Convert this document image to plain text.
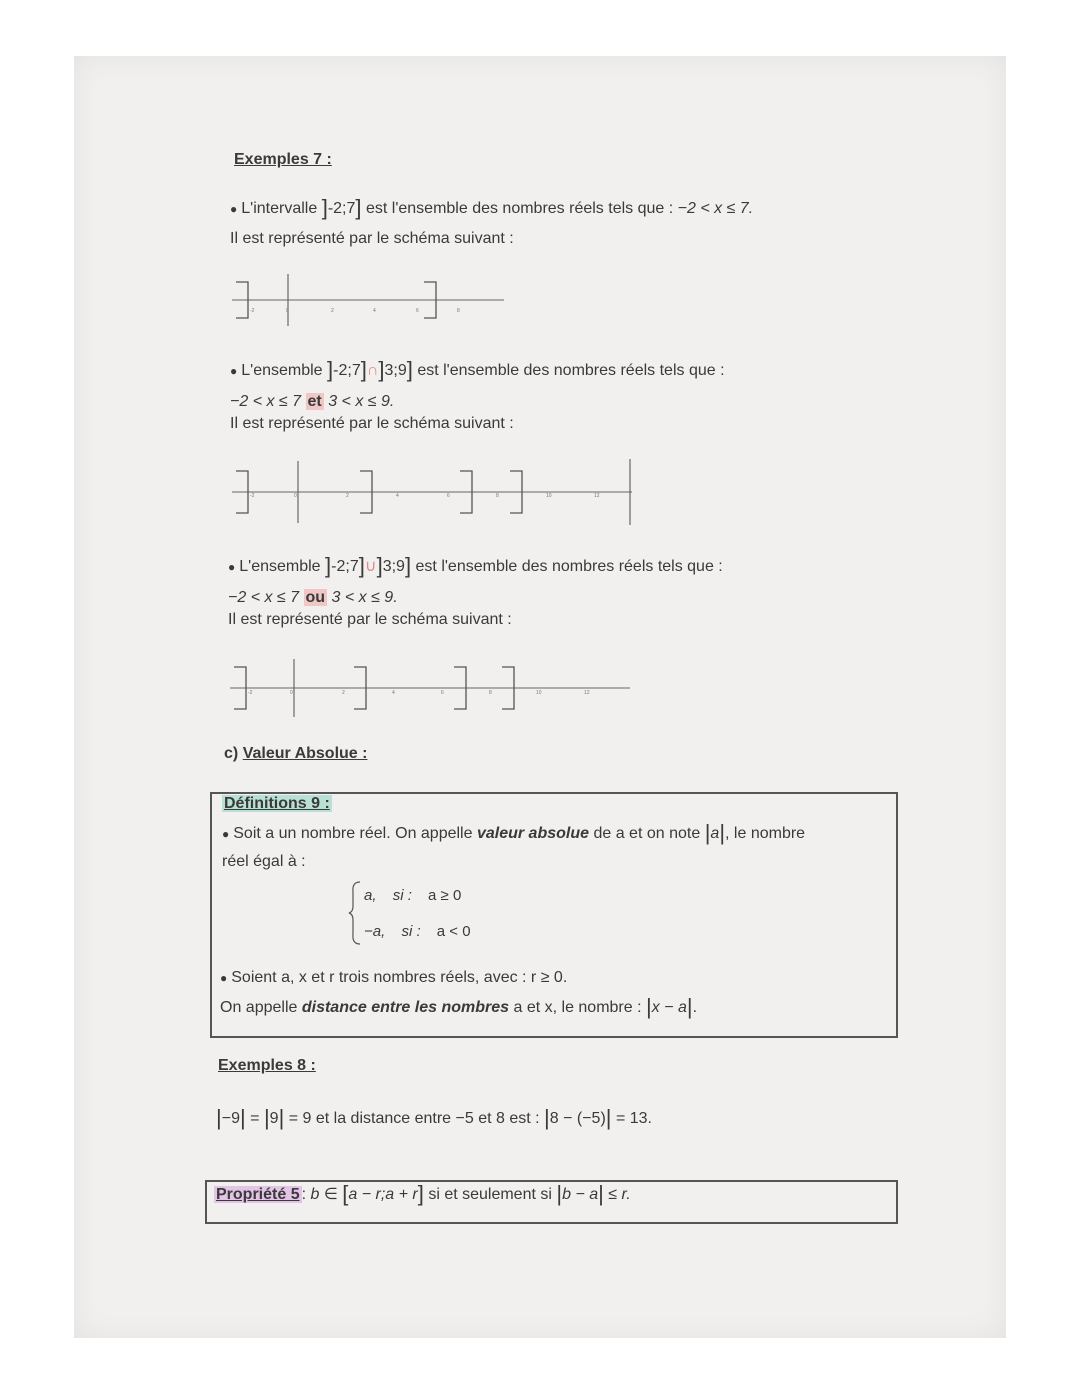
Exemples 7 :
● L'intervalle ]-2;7] est l'ensemble des nombres réels tels que : −2 < x ≤ 7.
Il est représenté par le schéma suivant :
-2	0	2	4	6	8
● L'ensemble ]-2;7]∩]3;9] est l'ensemble des nombres réels tels que :
−2 < x ≤ 7 et 3 < x ≤ 9.
Il est représenté par le schéma suivant :
-2	0	2	4	6	8	10	12
● L'ensemble ]-2;7]∪]3;9] est l'ensemble des nombres réels tels que :
−2 < x ≤ 7 ou 3 < x ≤ 9.
Il est représenté par le schéma suivant :
-2	0	2	4	6	8	10	12
c) Valeur Absolue :
Définitions 9 :
● Soit a un nombre réel. On appelle valeur absolue de a et on note |a|, le nombre
réel égal à :
a, si : a ≥ 0
−a, si : a < 0
● Soient a, x et r trois nombres réels, avec : r ≥ 0.
On appelle distance entre les nombres a et x, le nombre : |x − a|.
Exemples 8 :
|−9| = |9| = 9 et la distance entre −5 et 8 est : |8 − (−5)| = 13.
Propriété 5 : b ∈ [a − r;a + r] si et seulement si |b − a| ≤ r.
